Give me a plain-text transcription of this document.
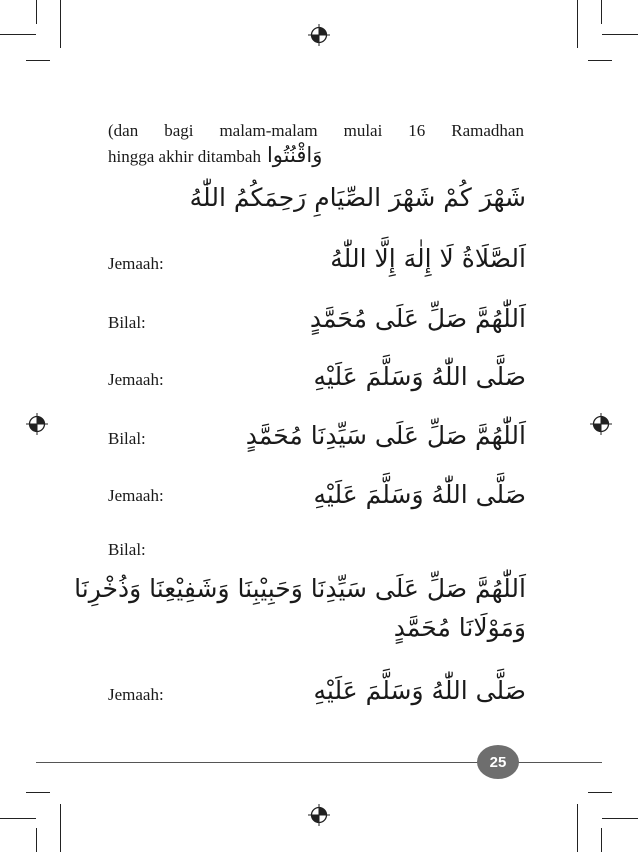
(dan bagi malam-malam mulai 16 Ramadhan
hingga akhir ditambah وَاقْنُتُوا
شَهْرَ كُمْ شَهْرَ الصِّيَامِ رَحِمَكُمُ اللّٰهُ
Jemaah:	اَلصَّلَاةُ لَا إِلٰهَ إِلَّا اللّٰهُ
Bilal:	اَللّٰهُمَّ صَلِّ عَلَى مُحَمَّدٍ
Jemaah:	صَلَّى اللّٰهُ وَسَلَّمَ عَلَيْهِ
Bilal:	اَللّٰهُمَّ صَلِّ عَلَى سَيِّدِنَا مُحَمَّدٍ
Jemaah:	صَلَّى اللّٰهُ وَسَلَّمَ عَلَيْهِ
Bilal:
اَللّٰهُمَّ صَلِّ عَلَى سَيِّدِنَا وَحَبِيْبِنَا وَشَفِيْعِنَا وَذُخْرِنَا
وَمَوْلَانَا مُحَمَّدٍ
Jemaah:	صَلَّى اللّٰهُ وَسَلَّمَ عَلَيْهِ
25
